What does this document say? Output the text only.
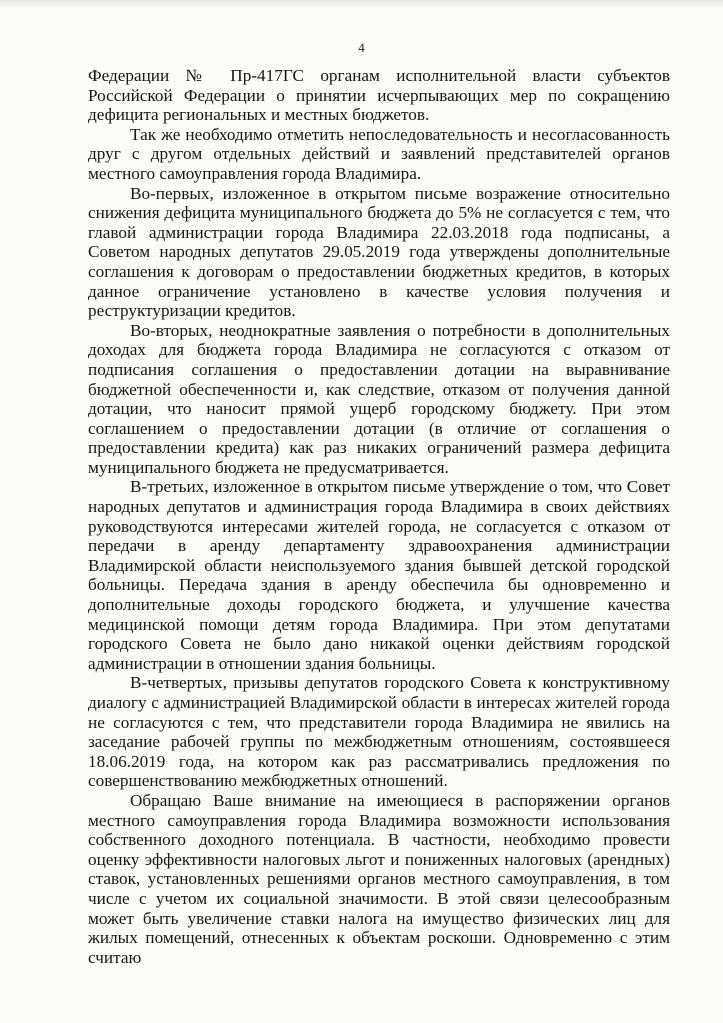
4

Федерации № Пр-417ГС органам исполнительной власти субъектов Российской Федерации о принятии исчерпывающих мер по сокращению дефицита региональных и местных бюджетов.

Так же необходимо отметить непоследовательность и несогласованность друг с другом отдельных действий и заявлений представителей органов местного самоуправления города Владимира.

Во-первых, изложенное в открытом письме возражение относительно снижения дефицита муниципального бюджета до 5% не согласуется с тем, что главой администрации города Владимира 22.03.2018 года подписаны, а Советом народных депутатов 29.05.2019 года утверждены дополнительные соглашения к договорам о предоставлении бюджетных кредитов, в которых данное ограничение установлено в качестве условия получения и реструктуризации кредитов.

Во-вторых, неоднократные заявления о потребности в дополнительных доходах для бюджета города Владимира не согласуются с отказом от подписания соглашения о предоставлении дотации на выравнивание бюджетной обеспеченности и, как следствие, отказом от получения данной дотации, что наносит прямой ущерб городскому бюджету. При этом соглашением о предоставлении дотации (в отличие от соглашения о предоставлении кредита) как раз никаких ограничений размера дефицита муниципального бюджета не предусматривается.

В-третьих, изложенное в открытом письме утверждение о том, что Совет народных депутатов и администрация города Владимира в своих действиях руководствуются интересами жителей города, не согласуется с отказом от передачи в аренду департаменту здравоохранения администрации Владимирской области неиспользуемого здания бывшей детской городской больницы. Передача здания в аренду обеспечила бы одновременно и дополнительные доходы городского бюджета, и улучшение качества медицинской помощи детям города Владимира. При этом депутатами городского Совета не было дано никакой оценки действиям городской администрации в отношении здания больницы.

В-четвертых, призывы депутатов городского Совета к конструктивному диалогу с администрацией Владимирской области в интересах жителей города не согласуются с тем, что представители города Владимира не явились на заседание рабочей группы по межбюджетным отношениям, состоявшееся 18.06.2019 года, на котором как раз рассматривались предложения по совершенствованию межбюджетных отношений.

Обращаю Ваше внимание на имеющиеся в распоряжении органов местного самоуправления города Владимира возможности использования собственного доходного потенциала. В частности, необходимо провести оценку эффективности налоговых льгот и пониженных налоговых (арендных) ставок, установленных решениями органов местного самоуправления, в том числе с учетом их социальной значимости. В этой связи целесообразным может быть увеличение ставки налога на имущество физических лиц для жилых помещений, отнесенных к объектам роскоши. Одновременно с этим считаю
